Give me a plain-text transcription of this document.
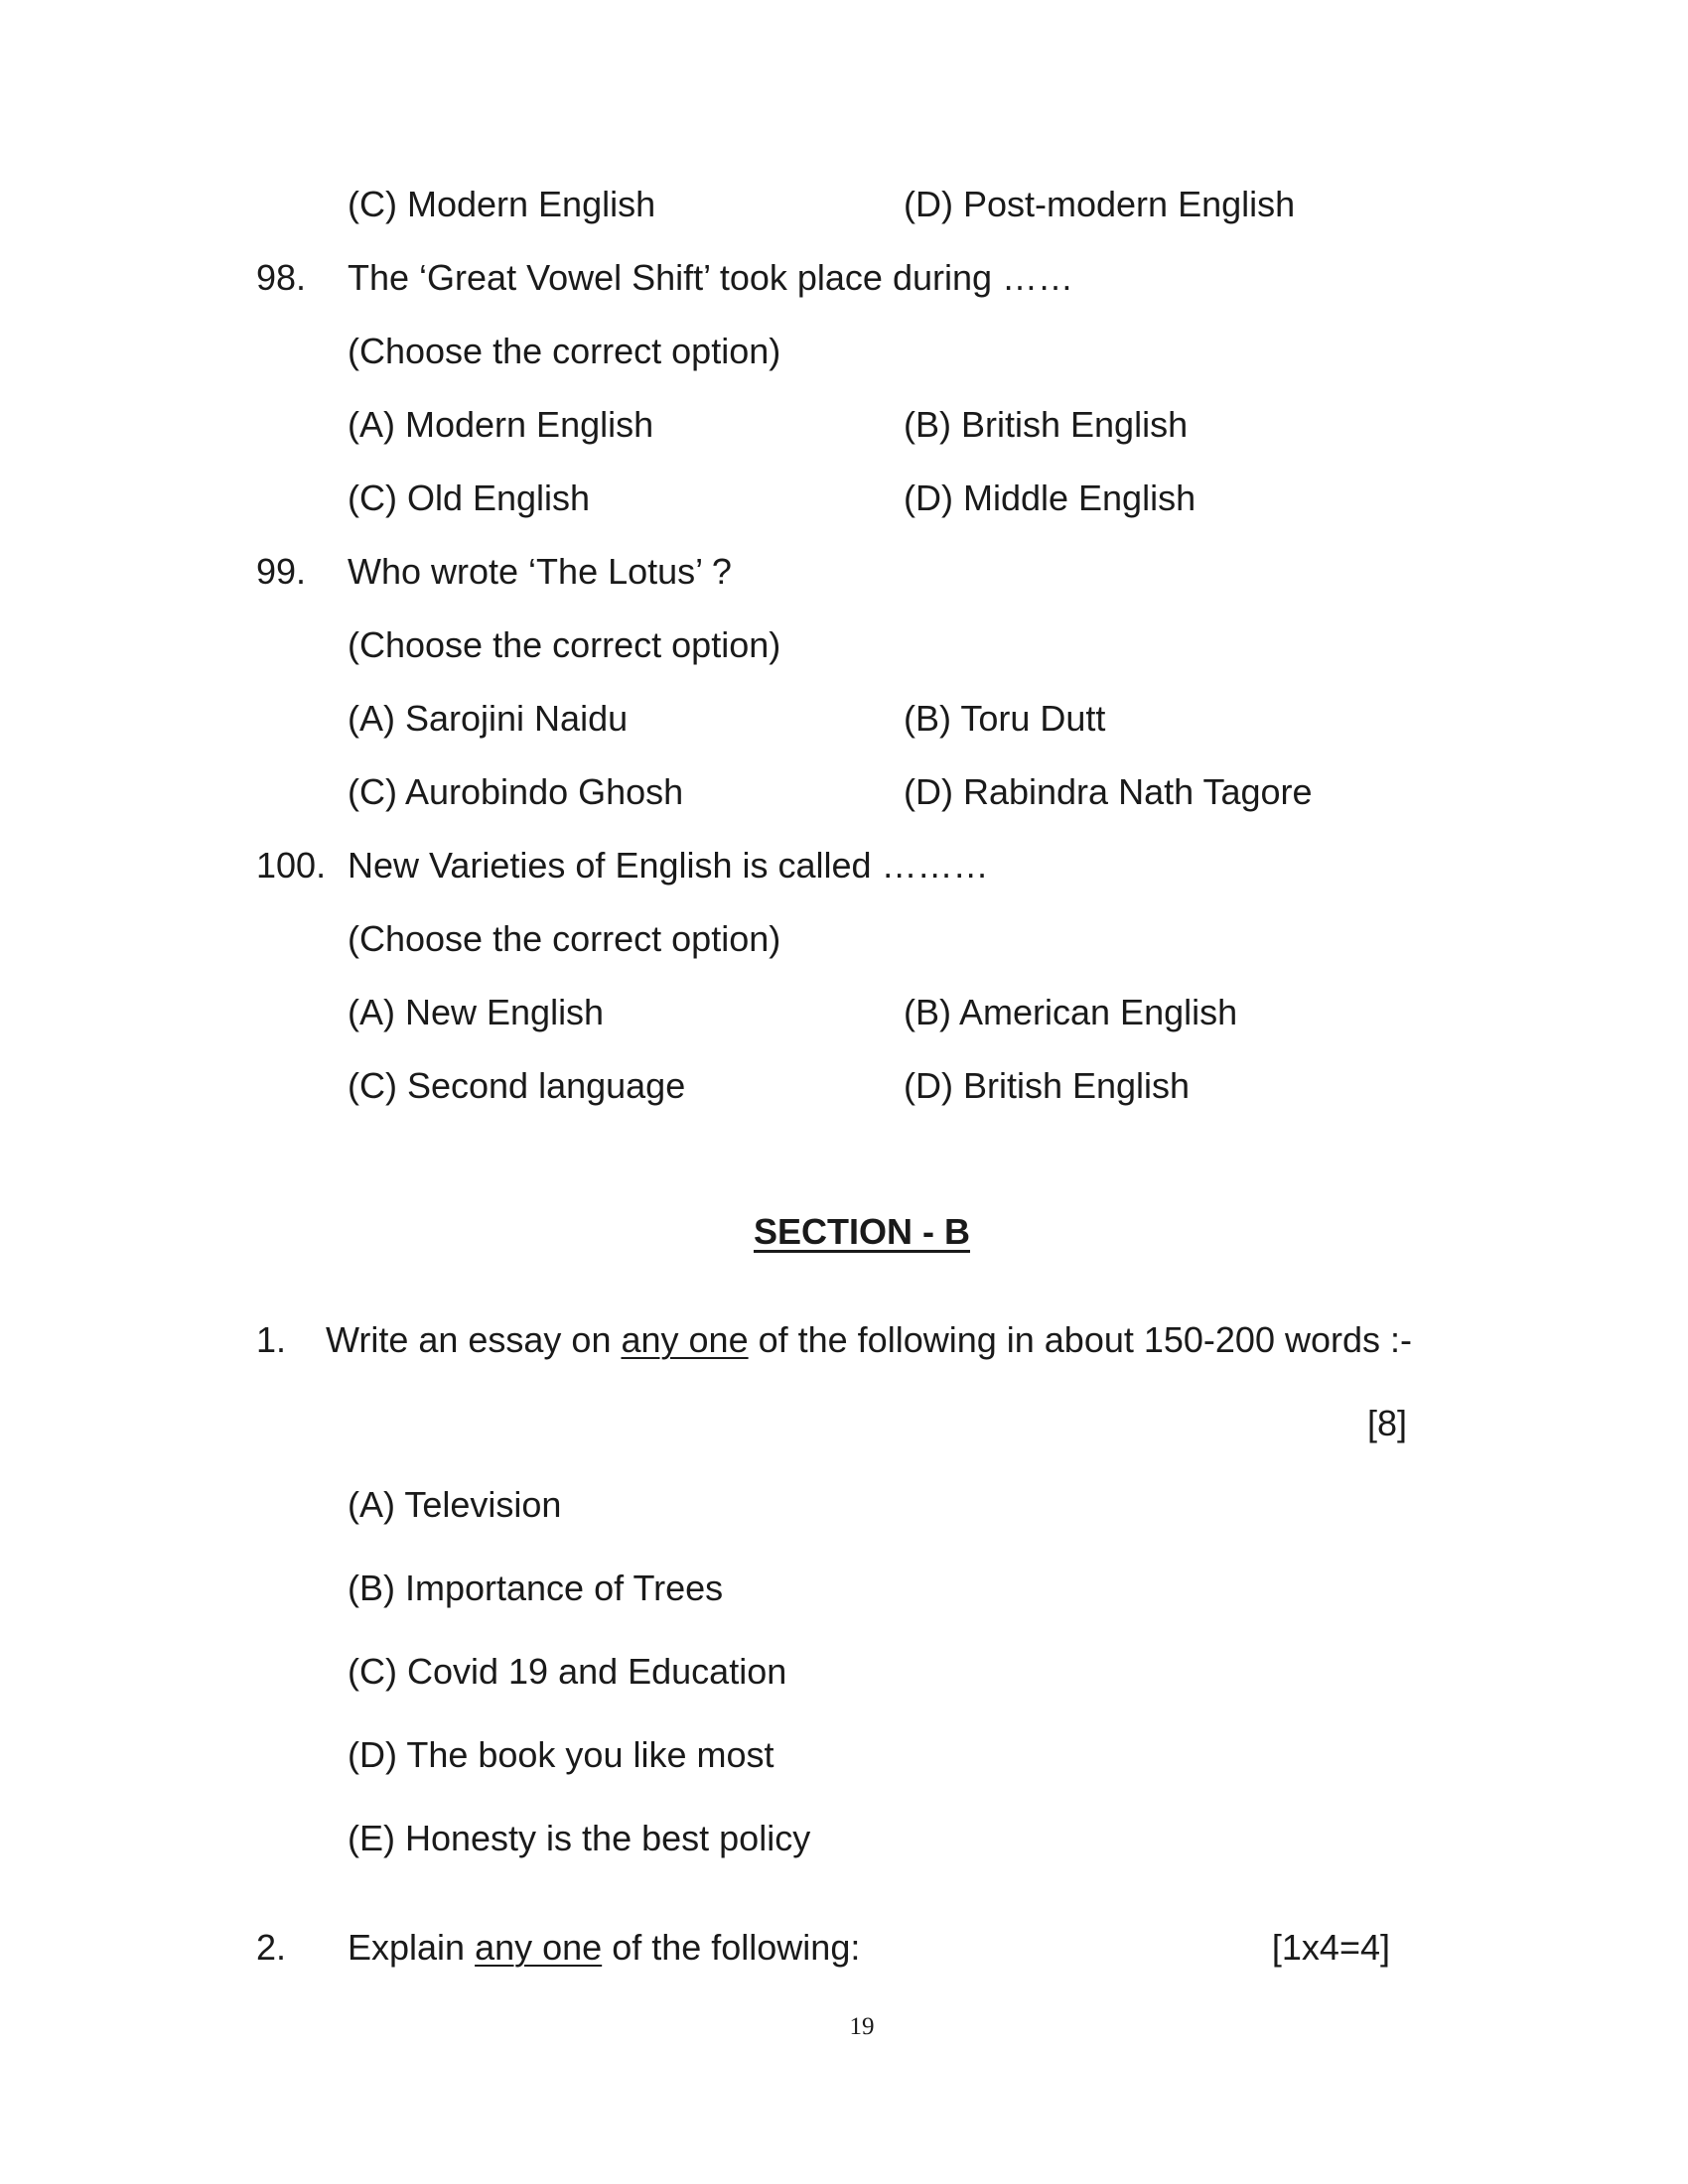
(C) Modern English	(D) Post-modern English
98. The ‘Great Vowel Shift’ took place during ……
(Choose the correct option)
(A) Modern English	(B) British English
(C) Old English	(D) Middle English
99. Who wrote ‘The Lotus’ ?
(Choose the correct option)
(A) Sarojini Naidu	(B) Toru Dutt
(C) Aurobindo Ghosh	(D) Rabindra Nath Tagore
100. New Varieties of English is called ………
(Choose the correct option)
(A) New English	(B) American English
(C) Second language	(D) British English
SECTION - B
1. Write an essay on any one of the following in about 150-200 words :-
[8]
(A) Television
(B) Importance of Trees
(C) Covid 19 and Education
(D) The book you like most
(E) Honesty is the best policy
2. Explain any one of the following:	[1x4=4]
19
